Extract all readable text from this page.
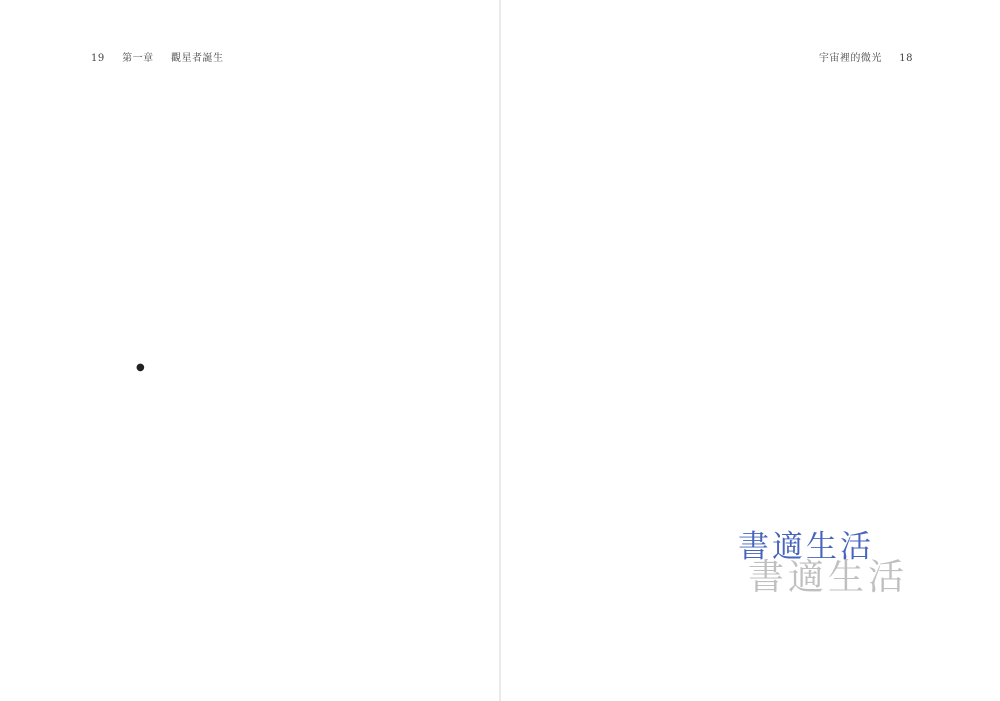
19 第一章 觀星者誕生
●
宇宙裡的微光 18
書適生活
書適生活
